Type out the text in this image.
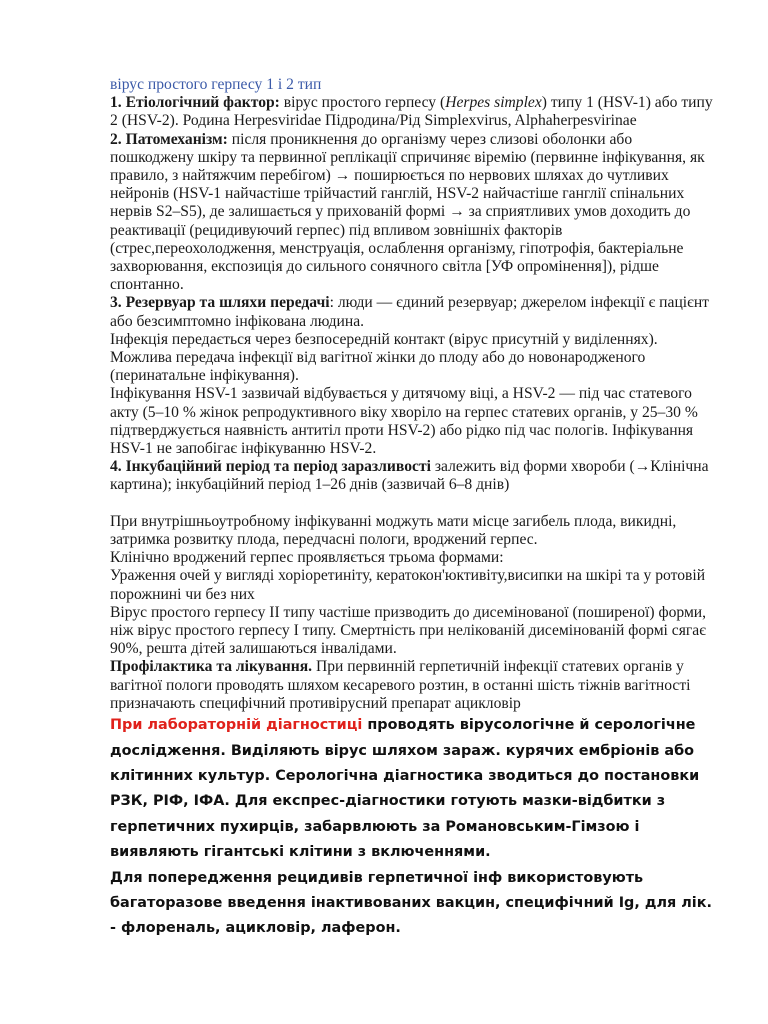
вірус простого герпесу 1 і 2 тип
1. Етіологічний фактор: вірус простого герпесу (Herpes simplex) типу 1 (HSV-1) або типу 2 (HSV-2). Родина Herpesviridae Підродина/Рід Simplexvirus, Alphaherpesvirinae
2. Патомеханізм: після проникнення до організму через слизові оболонки або пошкоджену шкіру та первинної реплікації спричиняє віремію (первинне інфікування, як правило, з найтяжчим перебігом) → поширюється по нервових шляхах до чутливих нейронів (HSV-1 найчастіше трійчастий ганглій, HSV-2 найчастіше ганглії спінальних нервів S2–S5), де залишається у прихованій формі → за сприятливих умов доходить до реактивації (рецидивуючий герпес) під впливом зовнішніх факторів (стрес,переохолодження, менструація, ослаблення організму, гіпотрофія, бактеріальне захворювання, експозиція до сильного сонячного світла [УФ опромінення]), рідше спонтанно.
3. Резервуар та шляхи передачі: люди — єдиний резервуар; джерелом інфекції є пацієнт або безсимптомно інфікована людина.
Інфекція передається через безпосередній контакт (вірус присутній у виділеннях). Можлива передача інфекції від вагітної жінки до плоду або до новонародженого (перинатальне інфікування).
Інфікування HSV-1 зазвичай відбувається у дитячому віці, а HSV-2 — під час статевого акту (5–10 % жінок репродуктивного віку хворіло на герпес статевих органів, у 25–30 % підтверджується наявність антитіл проти HSV-2) або рідко під час пологів. Інфікування HSV-1 не запобігає інфікуванню HSV-2.
4. Інкубаційний період та період заразливості залежить від форми хвороби (→Клінічна картина); інкубаційний період 1–26 днів (зазвичай 6–8 днів)
При внутрішньоутробному інфікуванні моджуть мати місце загибель плода, викидні, затримка розвитку плода, передчасні пологи, вроджений герпес.
Клінічно вроджений герпес проявляється трьома формами:
Ураження очей у вигляді хоріоретиніту, кератокон'юктивіту,висипки на шкірі та у ротовій порожнині чи без них
Вірус простого герпесу II типу частіше призводить до дисемінованої (поширеної) форми, ніж вірус простого герпесу I типу. Смертність при нелікованій дисемінованій формі сягає 90%, решта дітей залишаються інвалідами.
Профілактика та лікування. При первинній герпетичній інфекції статевих органів у вагітної пологи проводять шляхом кесаревого розтин, в останні шість тіжнів вагітності призначають специфічний противірусний препарат ацикловір
При лабораторній діагностиці проводять вірусологічне й серологічне дослідження. Виділяють вірус шляхом зараж. курячих ембріонів або клітинних культур. Серологічна діагностика зводиться до постановки РЗК, РІФ, ІФА. Для експрес-діагностики готують мазки-відбитки з герпетичних пухирців, забарвлюють за Романовським-Гімзою і виявляють гігантські клітини з включеннями.
Для попередження рецидивів герпетичної інф використовують багаторазове введення інактивованих вакцин, специфічний Ig, для лік. - флореналь, ацикловір, лаферон.
